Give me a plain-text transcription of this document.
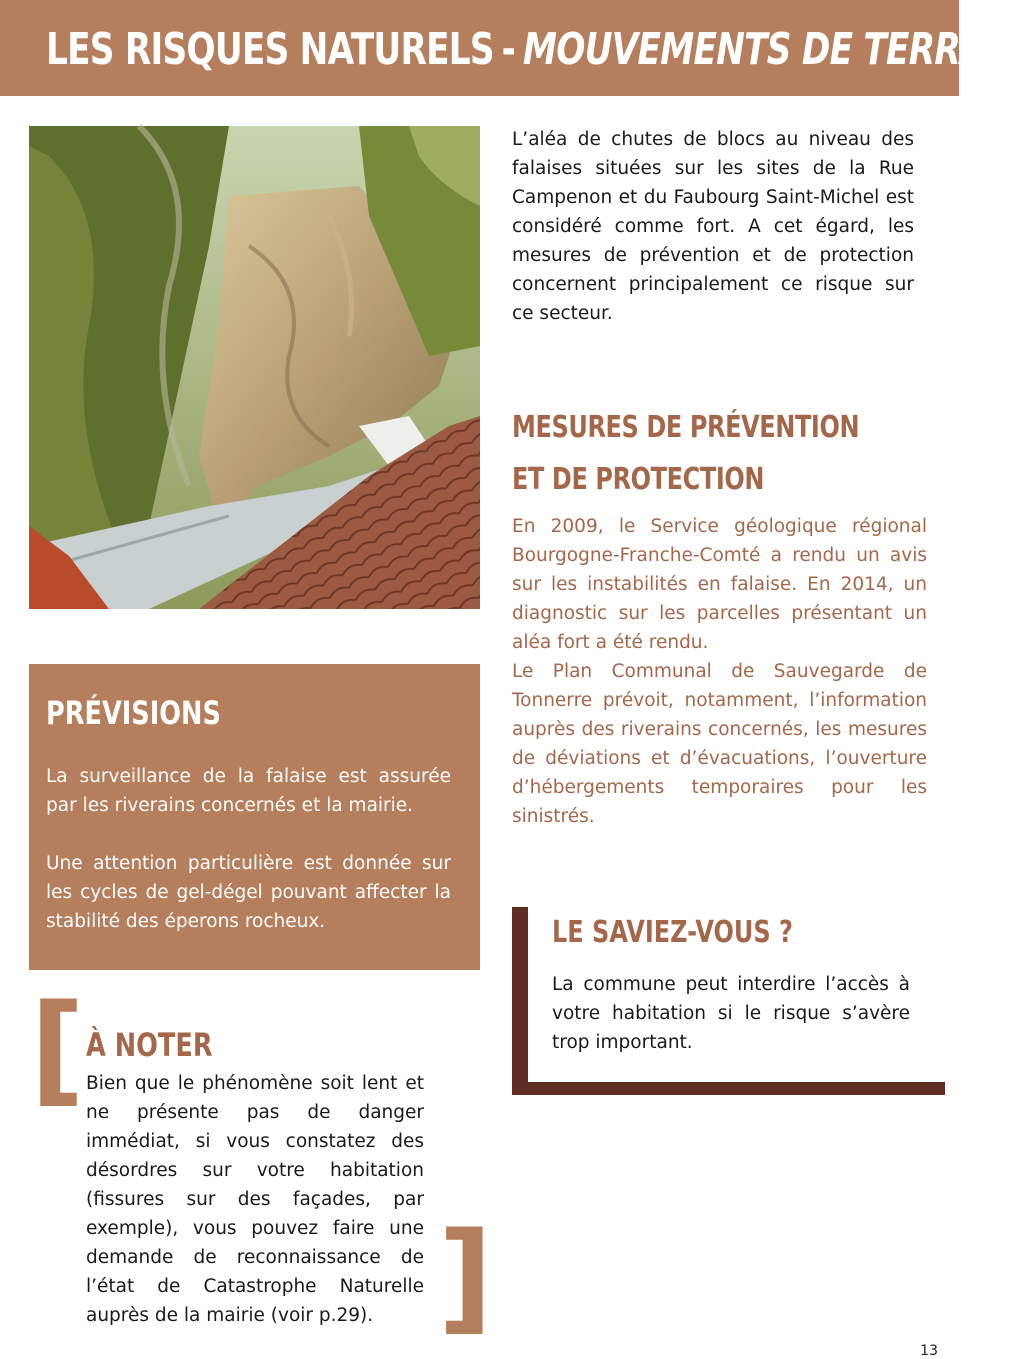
LES RISQUES NATURELS - MOUVEMENTS DE TERRAIN
L’aléa de chutes de blocs au niveau des falaises situées sur les sites de la Rue Campenon et du Faubourg Saint-Michel est considéré comme fort. A cet égard, les mesures de prévention et de protection concernent principalement ce risque sur ce secteur.
MESURES DE PRÉVENTION
ET DE PROTECTION

En 2009, le Service géologique régional Bourgogne-Franche-Comté a rendu un avis sur les instabilités en falaise. En 2014, un diagnostic sur les parcelles présentant un aléa fort a été rendu.

Le Plan Communal de Sauvegarde de Tonnerre prévoit, notamment, l’information auprès des riverains concernés, les mesures de déviations et d’évacuations, l’ouverture d’hébergements temporaires pour les sinistrés.

PRÉVISIONS

La surveillance de la falaise est assurée par les riverains concernés et la mairie.

Une attention particulière est donnée sur les cycles de gel-dégel pouvant affecter la stabilité des éperons rocheux.	LE SAVIEZ-VOUS ?
La commune peut interdire l’accès à votre habitation si le risque s’avère trop important.
[ À NOTER
Bien que le phénomène soit lent et ne présente pas de danger immédiat, si vous constatez des désordres sur votre habitation (fissures sur des façades, par exemple), vous pouvez faire une demande de reconnaissance de l’état de Catastrophe Naturelle auprès de la mairie (voir p.29). ]
13
